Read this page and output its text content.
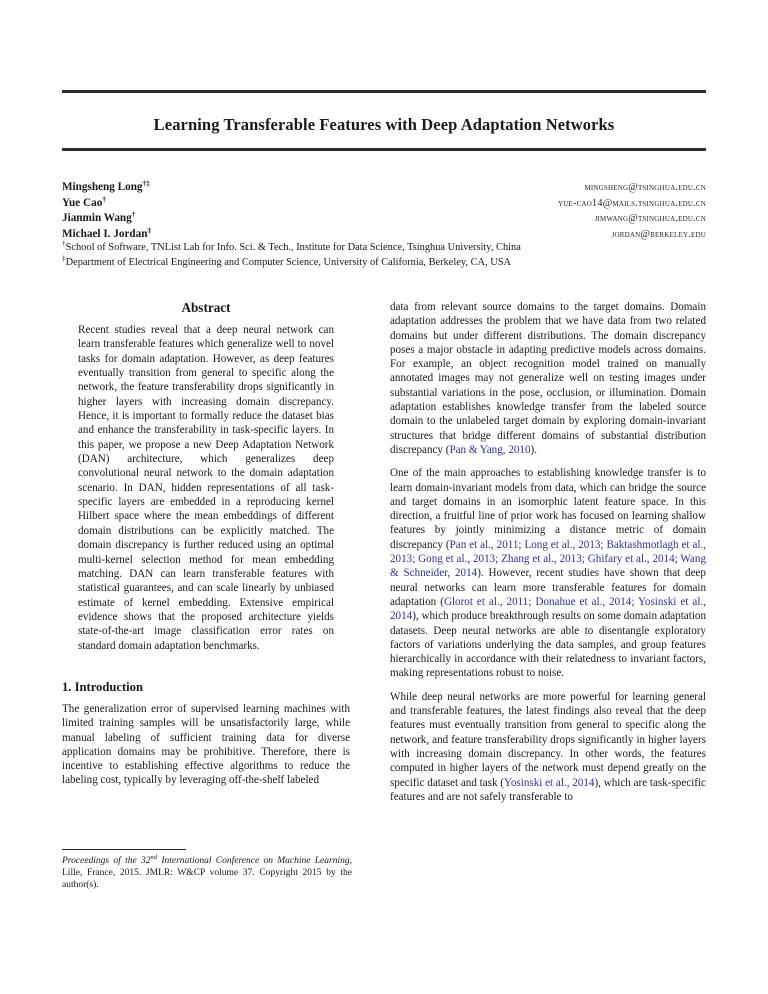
Learning Transferable Features with Deep Adaptation Networks
Mingsheng Long†‡	mingsheng@tsinghua.edu.cn
Yue Cao†	yue-cao14@mails.tsinghua.edu.cn
Jianmin Wang†	jimwang@tsinghua.edu.cn
Michael I. Jordan‡	jordan@berkeley.edu
†School of Software, TNList Lab for Info. Sci. & Tech., Institute for Data Science, Tsinghua University, China
‡Department of Electrical Engineering and Computer Science, University of California, Berkeley, CA, USA
Abstract

Recent studies reveal that a deep neural network can learn transferable features which generalize well to novel tasks for domain adaptation. However, as deep features eventually transition from general to specific along the network, the feature transferability drops significantly in higher layers with increasing domain discrepancy. Hence, it is important to formally reduce the dataset bias and enhance the transferability in task-specific layers. In this paper, we propose a new Deep Adaptation Network (DAN) architecture, which generalizes deep convolutional neural network to the domain adaptation scenario. In DAN, hidden representations of all task-specific layers are embedded in a reproducing kernel Hilbert space where the mean embeddings of different domain distributions can be explicitly matched. The domain discrepancy is further reduced using an optimal multi-kernel selection method for mean embedding matching. DAN can learn transferable features with statistical guarantees, and can scale linearly by unbiased estimate of kernel embedding. Extensive empirical evidence shows that the proposed architecture yields state-of-the-art image classification error rates on standard domain adaptation benchmarks.

1. Introduction

The generalization error of supervised learning machines with limited training samples will be unsatisfactorily large, while manual labeling of sufficient training data for diverse application domains may be prohibitive. Therefore, there is incentive to establishing effective algorithms to reduce the labeling cost, typically by leveraging off-the-shelf labeled

data from relevant source domains to the target domains. Domain adaptation addresses the problem that we have data from two related domains but under different distributions. The domain discrepancy poses a major obstacle in adapting predictive models across domains. For example, an object recognition model trained on manually annotated images may not generalize well on testing images under substantial variations in the pose, occlusion, or illumination. Domain adaptation establishes knowledge transfer from the labeled source domain to the unlabeled target domain by exploring domain-invariant structures that bridge different domains of substantial distribution discrepancy (Pan & Yang, 2010).

One of the main approaches to establishing knowledge transfer is to learn domain-invariant models from data, which can bridge the source and target domains in an isomorphic latent feature space. In this direction, a fruitful line of prior work has focused on learning shallow features by jointly minimizing a distance metric of domain discrepancy (Pan et al., 2011; Long et al., 2013; Baktashmotlagh et al., 2013; Gong et al., 2013; Zhang et al., 2013; Ghifary et al., 2014; Wang & Schneider, 2014). However, recent studies have shown that deep neural networks can learn more transferable features for domain adaptation (Glorot et al., 2011; Donahue et al., 2014; Yosinski et al., 2014), which produce breakthrough results on some domain adaptation datasets. Deep neural networks are able to disentangle exploratory factors of variations underlying the data samples, and group features hierarchically in accordance with their relatedness to invariant factors, making representations robust to noise.

While deep neural networks are more powerful for learning general and transferable features, the latest findings also reveal that the deep features must eventually transition from general to specific along the network, and feature transferability drops significantly in higher layers with increasing domain discrepancy. In other words, the features computed in higher layers of the network must depend greatly on the specific dataset and task (Yosinski et al., 2014), which are task-specific features and are not safely transferable to

Proceedings of the 32nd International Conference on Machine Learning, Lille, France, 2015. JMLR: W&CP volume 37. Copyright 2015 by the author(s).
